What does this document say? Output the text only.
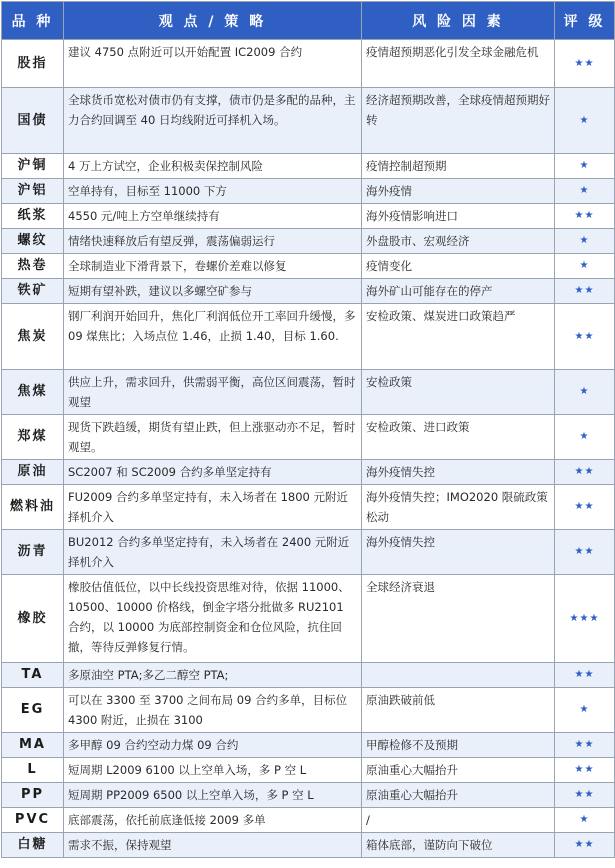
品 种	观 点 / 策 略	风 险 因 素	评 级
股指	建议 4750 点附近可以开始配置 IC2009 合约	疫情超预期恶化引发全球金融危机	★★
国债	全球货币宽松对债市仍有支撑，债市仍是多配的品种，主力合约回调至 40 日均线附近可择机入场。	经济超预期改善，全球疫情超预期好转	★
沪铜	4 万上方试空，企业积极卖保控制风险	疫情控制超预期	★
沪铝	空单持有，目标至 11000 下方	海外疫情	★
纸浆	4550 元/吨上方空单继续持有	海外疫情影响进口	★★
螺纹	情绪快速释放后有望反弹，震荡偏弱运行	外盘股市、宏观经济	★
热卷	全球制造业下滑背景下，卷螺价差难以修复	疫情变化	★
铁矿	短期有望补跌，建议以多螺空矿参与	海外矿山可能存在的停产	★★
焦炭	钢厂利润开始回升，焦化厂利润低位开工率回升缓慢，多 09 煤焦比；入场点位 1.46，止损 1.40，目标 1.60.	安检政策、煤炭进口政策趋严	★★
焦煤	供应上升，需求回升，供需弱平衡，高位区间震荡，暂时观望	安检政策	★
郑煤	现货下跌趋缓，期货有望止跌，但上涨驱动亦不足，暂时观望。	安检政策、进口政策	★
原油	SC2007 和 SC2009 合约多单坚定持有	海外疫情失控	★★
燃料油	FU2009 合约多单坚定持有，未入场者在 1800 元附近择机介入	海外疫情失控；IMO2020 限硫政策松动	★★
沥青	BU2012 合约多单坚定持有，未入场者在 2400 元附近择机介入	海外疫情失控	★★
橡胶	橡胶估值低位，以中长线投资思维对待，依据 11000、10500、10000 价格线，倒金字塔分批做多 RU2101 合约，以 10000 为底部控制资金和仓位风险，抗住回撤，等待反弹修复行情。	全球经济衰退	★★★
TA	多原油空 PTA;多乙二醇空 PTA;		★★
EG	可以在 3300 至 3700 之间布局 09 合约多单，目标位 4300 附近，止损在 3100	原油跌破前低	★
MA	多甲醇 09 合约空动力煤 09 合约	甲醇检修不及预期	★★
L	短周期 L2009 6100 以上空单入场，多 P 空 L	原油重心大幅抬升	★★
PP	短周期 PP2009 6500 以上空单入场，多 P 空 L	原油重心大幅抬升	★★
PVC	底部震荡，依托前底逢低接 2009 多单	/	★
白糖	需求不振，保持观望	箱体底部，谨防向下破位	★★
